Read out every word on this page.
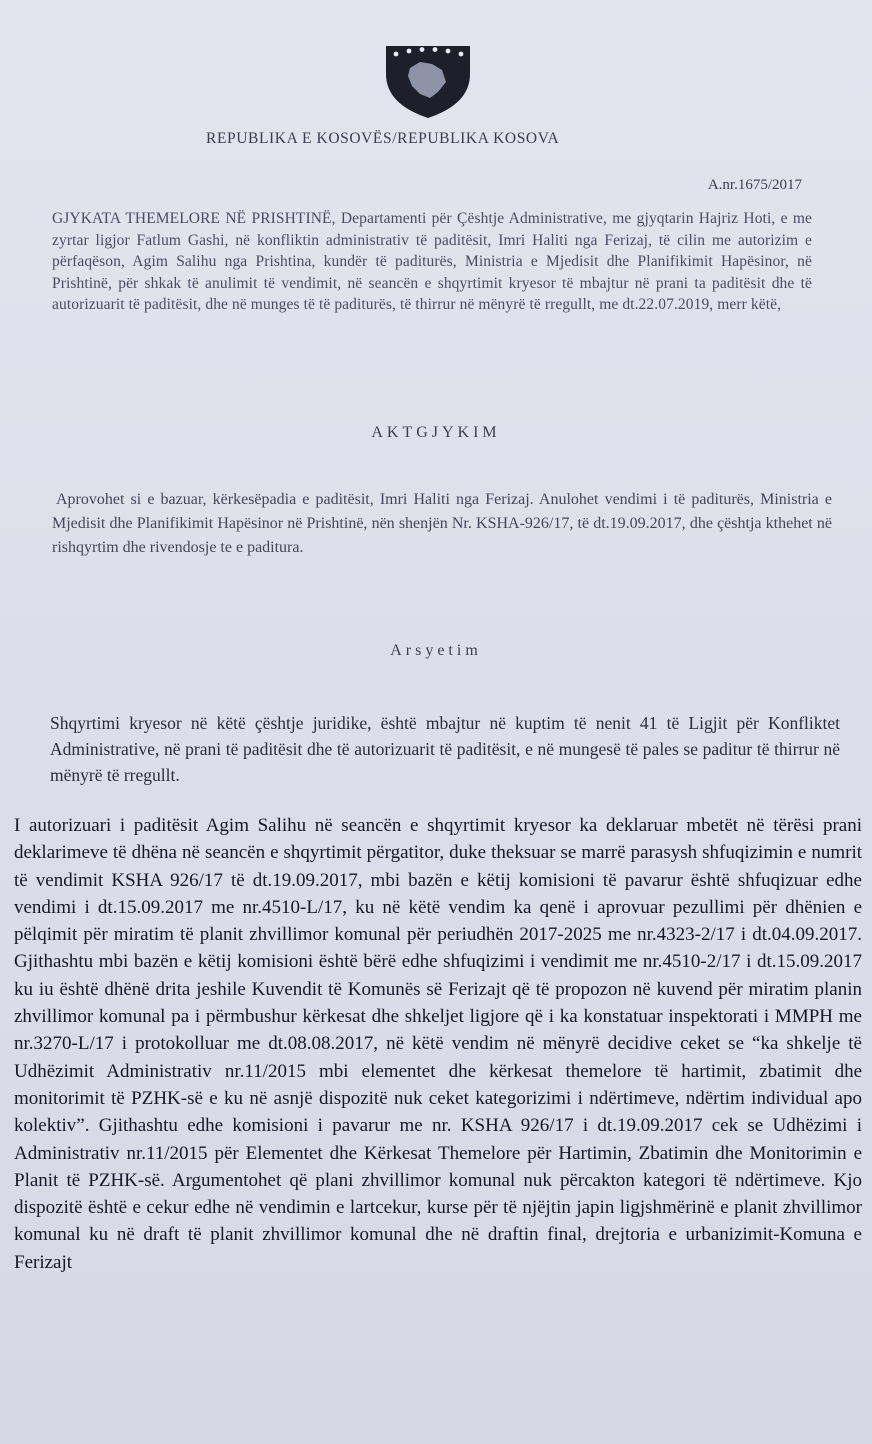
REPUBLIKA E KOSOVËS/REPUBLIKA KOSOVA
A.nr.1675/2017
GJYKATA THEMELORE NË PRISHTINË, Departamenti për Çështje Administrative, me gjyqtarin Hajriz Hoti, e me zyrtar ligjor Fatlum Gashi, në konfliktin administrativ të paditësit, Imri Haliti nga Ferizaj, të cilin me autorizim e përfaqëson, Agim Salihu nga Prishtina, kundër të paditurës, Ministria e Mjedisit dhe Planifikimit Hapësinor, në Prishtinë, për shkak të anulimit të vendimit, në seancën e shqyrtimit kryesor të mbajtur në prani ta paditësit dhe të autorizuarit të paditësit, dhe në munges të të paditurës, të thirrur në mënyrë të rregullt, me dt.22.07.2019, merr këtë,
AKTGJYKIM
Aprovohet si e bazuar, kërkesëpadia e paditësit, Imri Haliti nga Ferizaj. Anulohet vendimi i të paditurës, Ministria e Mjedisit dhe Planifikimit Hapësinor në Prishtinë, nën shenjën Nr. KSHA-926/17, të dt.19.09.2017, dhe çështja kthehet në rishqyrtim dhe rivendosje te e paditura.
Arsyetim
Shqyrtimi kryesor në këtë çështje juridike, është mbajtur në kuptim të nenit 41 të Ligjit për Konfliktet Administrative, në prani të paditësit dhe të autorizuarit të paditësit, e në mungesë të pales se paditur të thirrur në mënyrë të rregullt.
I autorizuari i paditësit Agim Salihu në seancën e shqyrtimit kryesor ka deklaruar mbetët në tërësi prani deklarimeve të dhëna në seancën e shqyrtimit përgatitor, duke theksuar se marrë parasysh shfuqizimin e numrit të vendimit KSHA 926/17 të dt.19.09.2017, mbi bazën e këtij komisioni të pavarur është shfuqizuar edhe vendimi i dt.15.09.2017 me nr.4510-L/17, ku në këtë vendim ka qenë i aprovuar pezullimi për dhënien e pëlqimit për miratim të planit zhvillimor komunal për periudhën 2017-2025 me nr.4323-2/17 i dt.04.09.2017. Gjithashtu mbi bazën e këtij komisioni është bërë edhe shfuqizimi i vendimit me nr.4510-2/17 i dt.15.09.2017 ku iu është dhënë drita jeshile Kuvendit të Komunës së Ferizajt që të propozon në kuvend për miratim planin zhvillimor komunal pa i përmbushur kërkesat dhe shkeljet ligjore që i ka konstatuar inspektorati i MMPH me nr.3270-L/17 i protokolluar me dt.08.08.2017, në këtë vendim në mënyrë decidive ceket se “ka shkelje të Udhëzimit Administrativ nr.11/2015 mbi elementet dhe kërkesat themelore të hartimit, zbatimit dhe monitorimit të PZHK-së e ku në asnjë dispozitë nuk ceket kategorizimi i ndërtimeve, ndërtim individual apo kolektiv”. Gjithashtu edhe komisioni i pavarur me nr. KSHA 926/17 i dt.19.09.2017 cek se Udhëzimi i Administrativ nr.11/2015 për Elementet dhe Kërkesat Themelore për Hartimin, Zbatimin dhe Monitorimin e Planit të PZHK-së. Argumentohet që plani zhvillimor komunal nuk përcakton kategori të ndërtimeve. Kjo dispozitë është e cekur edhe në vendimin e lartcekur, kurse për të njëjtin japin ligjshmërinë e planit zhvillimor komunal ku në draft të planit zhvillimor komunal dhe në draftin final, drejtoria e urbanizimit-Komuna e Ferizajt
